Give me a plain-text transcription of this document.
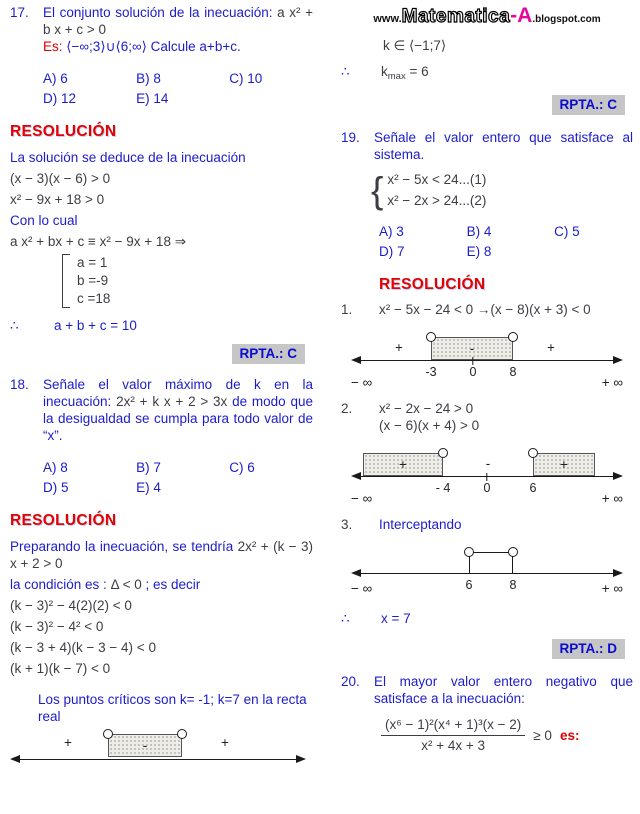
17.	El conjunto solución de la inecuación: a x² + b x + c > 0
Es: ⟨−∞;3⟩∪⟨6;∞⟩ Calcule a+b+c.
A) 6	B) 8	C) 10
D) 12	E) 14
RESOLUCIÓN
La solución se deduce de la inecuación
(x − 3)(x − 6) > 0
x² − 9x + 18 > 0
Con lo cual
a x² + bx + c ≡ x² − 9x + 18 ⇒
a = 1
b =-9
c =18
∴	a + b + c = 10
RPTA.: C
18.	Señale el valor máximo de k en la inecuación: 2x² + k x + 2 > 3x de modo que la desigualdad se cumpla para todo valor de “x”.
A) 8	B) 7	C) 6
D) 5	E) 4
RESOLUCIÓN
Preparando la inecuación, se tendría 2x² + (k − 3) x + 2 > 0
la condición es : Δ < 0 ; es decir
(k − 3)² − 4(2)(2) < 0
(k − 3)² − 4² < 0
(k − 3 + 4)(k − 3 − 4) < 0
(k + 1)(k − 7) < 0
Los puntos críticos son k= -1; k=7 en la recta real
+	-	+
www.Matematica-A.blogspot.com
k ∈ ⟨−1;7⟩
∴	$k_{max} = 6$
RPTA.: C
19.	Señale el valor entero que satisface al sistema.
{ x² − 5x < 24...(1)
x² − 2x > 24...(2)
A) 3	B) 4	C) 5
D) 7	E) 8
RESOLUCIÓN
1.	x² − 5x − 24 < 0 →(x − 8)(x + 3) < 0
+	-	+
-3	0	8
− ∞	+ ∞
2.	x² − 2x − 24 > 0
(x − 6)(x + 4) > 0
+	+
-
- 4	0	6
− ∞	+ ∞
3.	Interceptando
6	8
− ∞	+ ∞
∴	x = 7
RPTA.: D
20.	El mayor valor entero negativo que satisface a la inecuación:
$\frac{\text{(x⁶ − 1)²(x⁴ + 1)³(x − 2)}}{\text{x² + 4x + 3}} \ge 0$ es:
